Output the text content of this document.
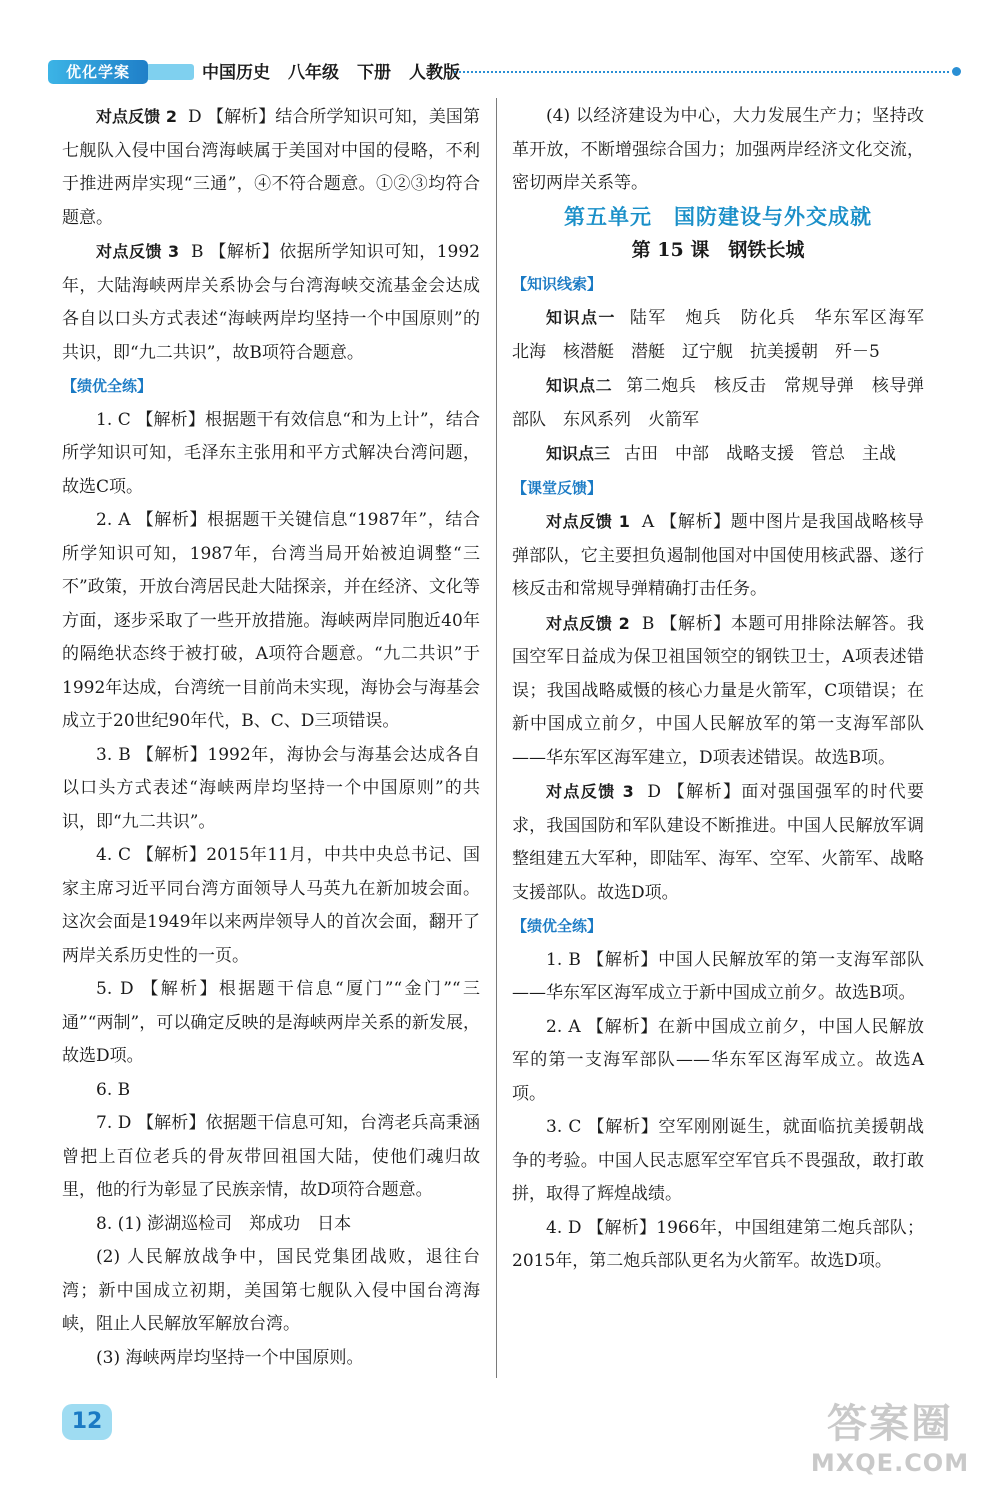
优化学案	中国历史 八年级 下册 人教版

对点反馈 2 D 【解析】结合所学知识可知，美国第七舰队入侵中国台湾海峡属于美国对中国的侵略，不利于推进两岸实现“三通”，④不符合题意。①②③均符合题意。

对点反馈 3 B 【解析】依据所学知识可知，1992年，大陆海峡两岸关系协会与台湾海峡交流基金会达成各自以口头方式表述“海峡两岸均坚持一个中国原则”的共识，即“九二共识”，故B项符合题意。

【绩优全练】

1. C 【解析】根据题干有效信息“和为上计”，结合所学知识可知，毛泽东主张用和平方式解决台湾问题，故选C项。

2. A 【解析】根据题干关键信息“1987年”，结合所学知识可知，1987年，台湾当局开始被迫调整“三不”政策，开放台湾居民赴大陆探亲，并在经济、文化等方面，逐步采取了一些开放措施。海峡两岸同胞近40年的隔绝状态终于被打破，A项符合题意。“九二共识”于1992年达成，台湾统一目前尚未实现，海协会与海基会成立于20世纪90年代，B、C、D三项错误。

3. B 【解析】1992年，海协会与海基会达成各自以口头方式表述“海峡两岸均坚持一个中国原则”的共识，即“九二共识”。

4. C 【解析】2015年11月，中共中央总书记、国家主席习近平同台湾方面领导人马英九在新加坡会面。这次会面是1949年以来两岸领导人的首次会面，翻开了两岸关系历史性的一页。

5. D 【解析】根据题干信息“厦门”“金门”“三通”“两制”，可以确定反映的是海峡两岸关系的新发展，故选D项。

6. B

7. D 【解析】依据题干信息可知，台湾老兵高秉涵曾把上百位老兵的骨灰带回祖国大陆，使他们魂归故里，他的行为彰显了民族亲情，故D项符合题意。

8. (1) 澎湖巡检司　郑成功　日本

(2) 人民解放战争中，国民党集团战败，退往台湾；新中国成立初期，美国第七舰队入侵中国台湾海峡，阻止人民解放军解放台湾。

(3) 海峡两岸均坚持一个中国原则。

(4) 以经济建设为中心，大力发展生产力；坚持改革开放，不断增强综合国力；加强两岸经济文化交流，密切两岸关系等。

第五单元　国防建设与外交成就

第 15 课　钢铁长城

【知识线索】

知识点一 陆军　炮兵　防化兵　华东军区海军　北海　核潜艇　潜艇　辽宁舰　抗美援朝　歼－5

知识点二 第二炮兵　核反击　常规导弹　核导弹部队　东风系列　火箭军

知识点三 古田　中部　战略支援　管总　主战

【课堂反馈】

对点反馈 1 A 【解析】题中图片是我国战略核导弹部队，它主要担负遏制他国对中国使用核武器、遂行核反击和常规导弹精确打击任务。

对点反馈 2 B 【解析】本题可用排除法解答。我国空军日益成为保卫祖国领空的钢铁卫士，A项表述错误；我国战略威慑的核心力量是火箭军，C项错误；在新中国成立前夕，中国人民解放军的第一支海军部队——华东军区海军建立，D项表述错误。故选B项。

对点反馈 3 D 【解析】面对强国强军的时代要求，我国国防和军队建设不断推进。中国人民解放军调整组建五大军种，即陆军、海军、空军、火箭军、战略支援部队。故选D项。

【绩优全练】

1. B 【解析】中国人民解放军的第一支海军部队——华东军区海军成立于新中国成立前夕。故选B项。

2. A 【解析】在新中国成立前夕，中国人民解放军的第一支海军部队——华东军区海军成立。故选A项。

3. C 【解析】空军刚刚诞生，就面临抗美援朝战争的考验。中国人民志愿军空军官兵不畏强敌，敢打敢拼，取得了辉煌战绩。

4. D 【解析】1966年，中国组建第二炮兵部队；2015年，第二炮兵部队更名为火箭军。故选D项。

12	答案圈
MXQE.COM
